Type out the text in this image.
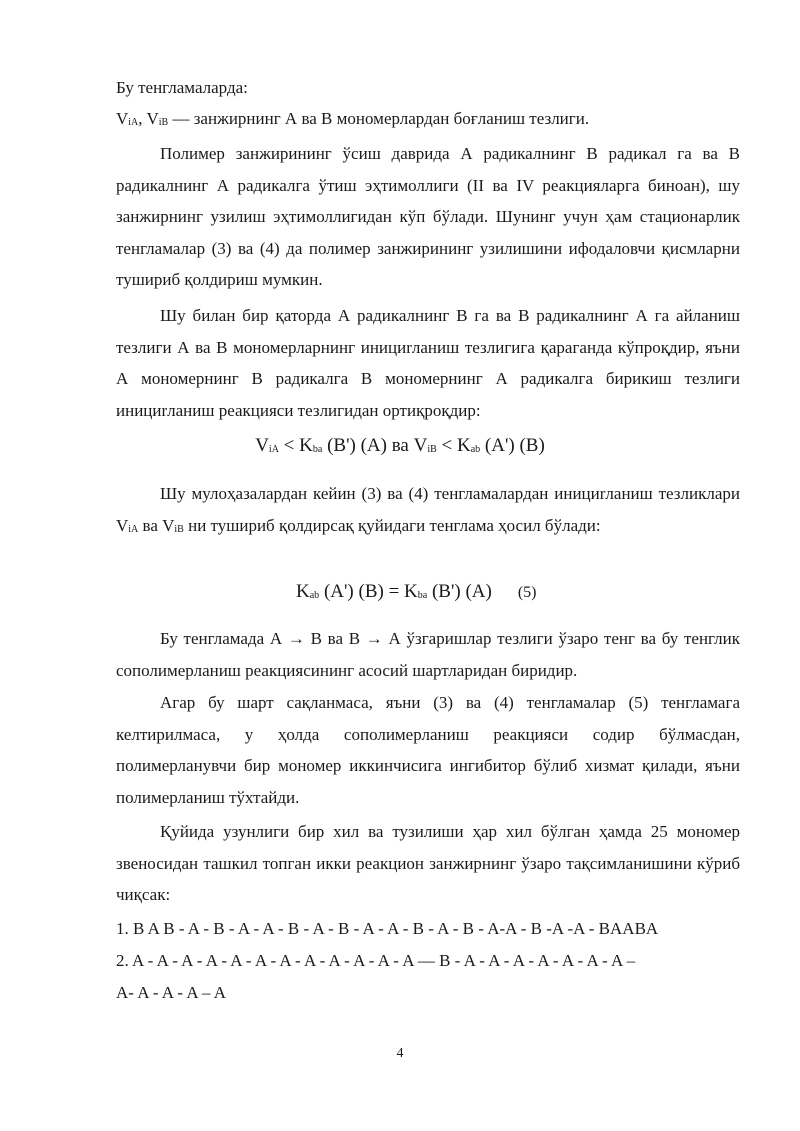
Бу тенгламаларда:

$V_{iA}$, $V_{iB}$ — занжирнинг А ва В мономерлардан боғланиш тезлиги.

Полимер занжирининг ўсиш даврида А радикалнинг В радикал га ва В радикалнинг А радикалга ўтиш эҳтимоллиги (II ва IV реакцияларга биноан), шу занжирнинг узилиш эҳтимоллигидан кўп бўлади. Шунинг учун ҳам стационарлик тенгламалар (3) ва (4) да полимер занжирининг узилишини ифодаловчи қисмларни тушириб қолдириш мумкин.

Шу билан бир қаторда А радикалнинг В га ва В радикалнинг А га айланиш тезлиги А ва В мономерларнинг инициrланиш тезлигига қараганда кўпроқдир, яъни А мономернинг В радикалга В мономернинг А радикалга бирикиш тезлиги инициrланиш реакцияси тезлигидан ортиқроқдир:

$V_{iA} < K_{ba}$ (B') (A) ва $V_{iB} < K_{ab}$ (A') (B)

Шу мулоҳазалардан кейин (3) ва (4) тенгламалардан инициrланиш тезликлари $V_{iA}$ ва $V_{iB}$ ни тушириб қолдирсақ қуйидаги тенглама ҳосил бўлади:

$K_{ab}$ (A') $(B) = K_{ba}$ (B') (A) (5)

Бу тенгламада А → В ва В → А ўзгаришлар тезлиги ўзаро тенг ва бу тенглик сополимерланиш реакциясининг асосий шартларидан биридир.

Агар бу шарт сақланмаса, яъни (3) ва (4) тенгламалар (5) тенгламага келтирилмаса, у ҳолда сополимерланиш реакцияси содир бўлмасдан, полимерланувчи бир мономер иккинчисига ингибитор бўлиб хизмат қилади, яъни полимерланиш тўхтайди.

Қуйида узунлиги бир хил ва тузилиши ҳар хил бўлган ҳамда 25 мономер звеносидан ташкил топган икки реакцион занжирнинг ўзаро тақсимланишини кўриб чиқсак:

1. B A B - A - B - A - A - B - A - B - A - A - B - A - B - A-A - B -A -A - BAABA
2. A - A - A - A - A - A - A - A - A - A - A - A — B - A - A - A - A - A - A - A –
A- A - A - A – A
4
